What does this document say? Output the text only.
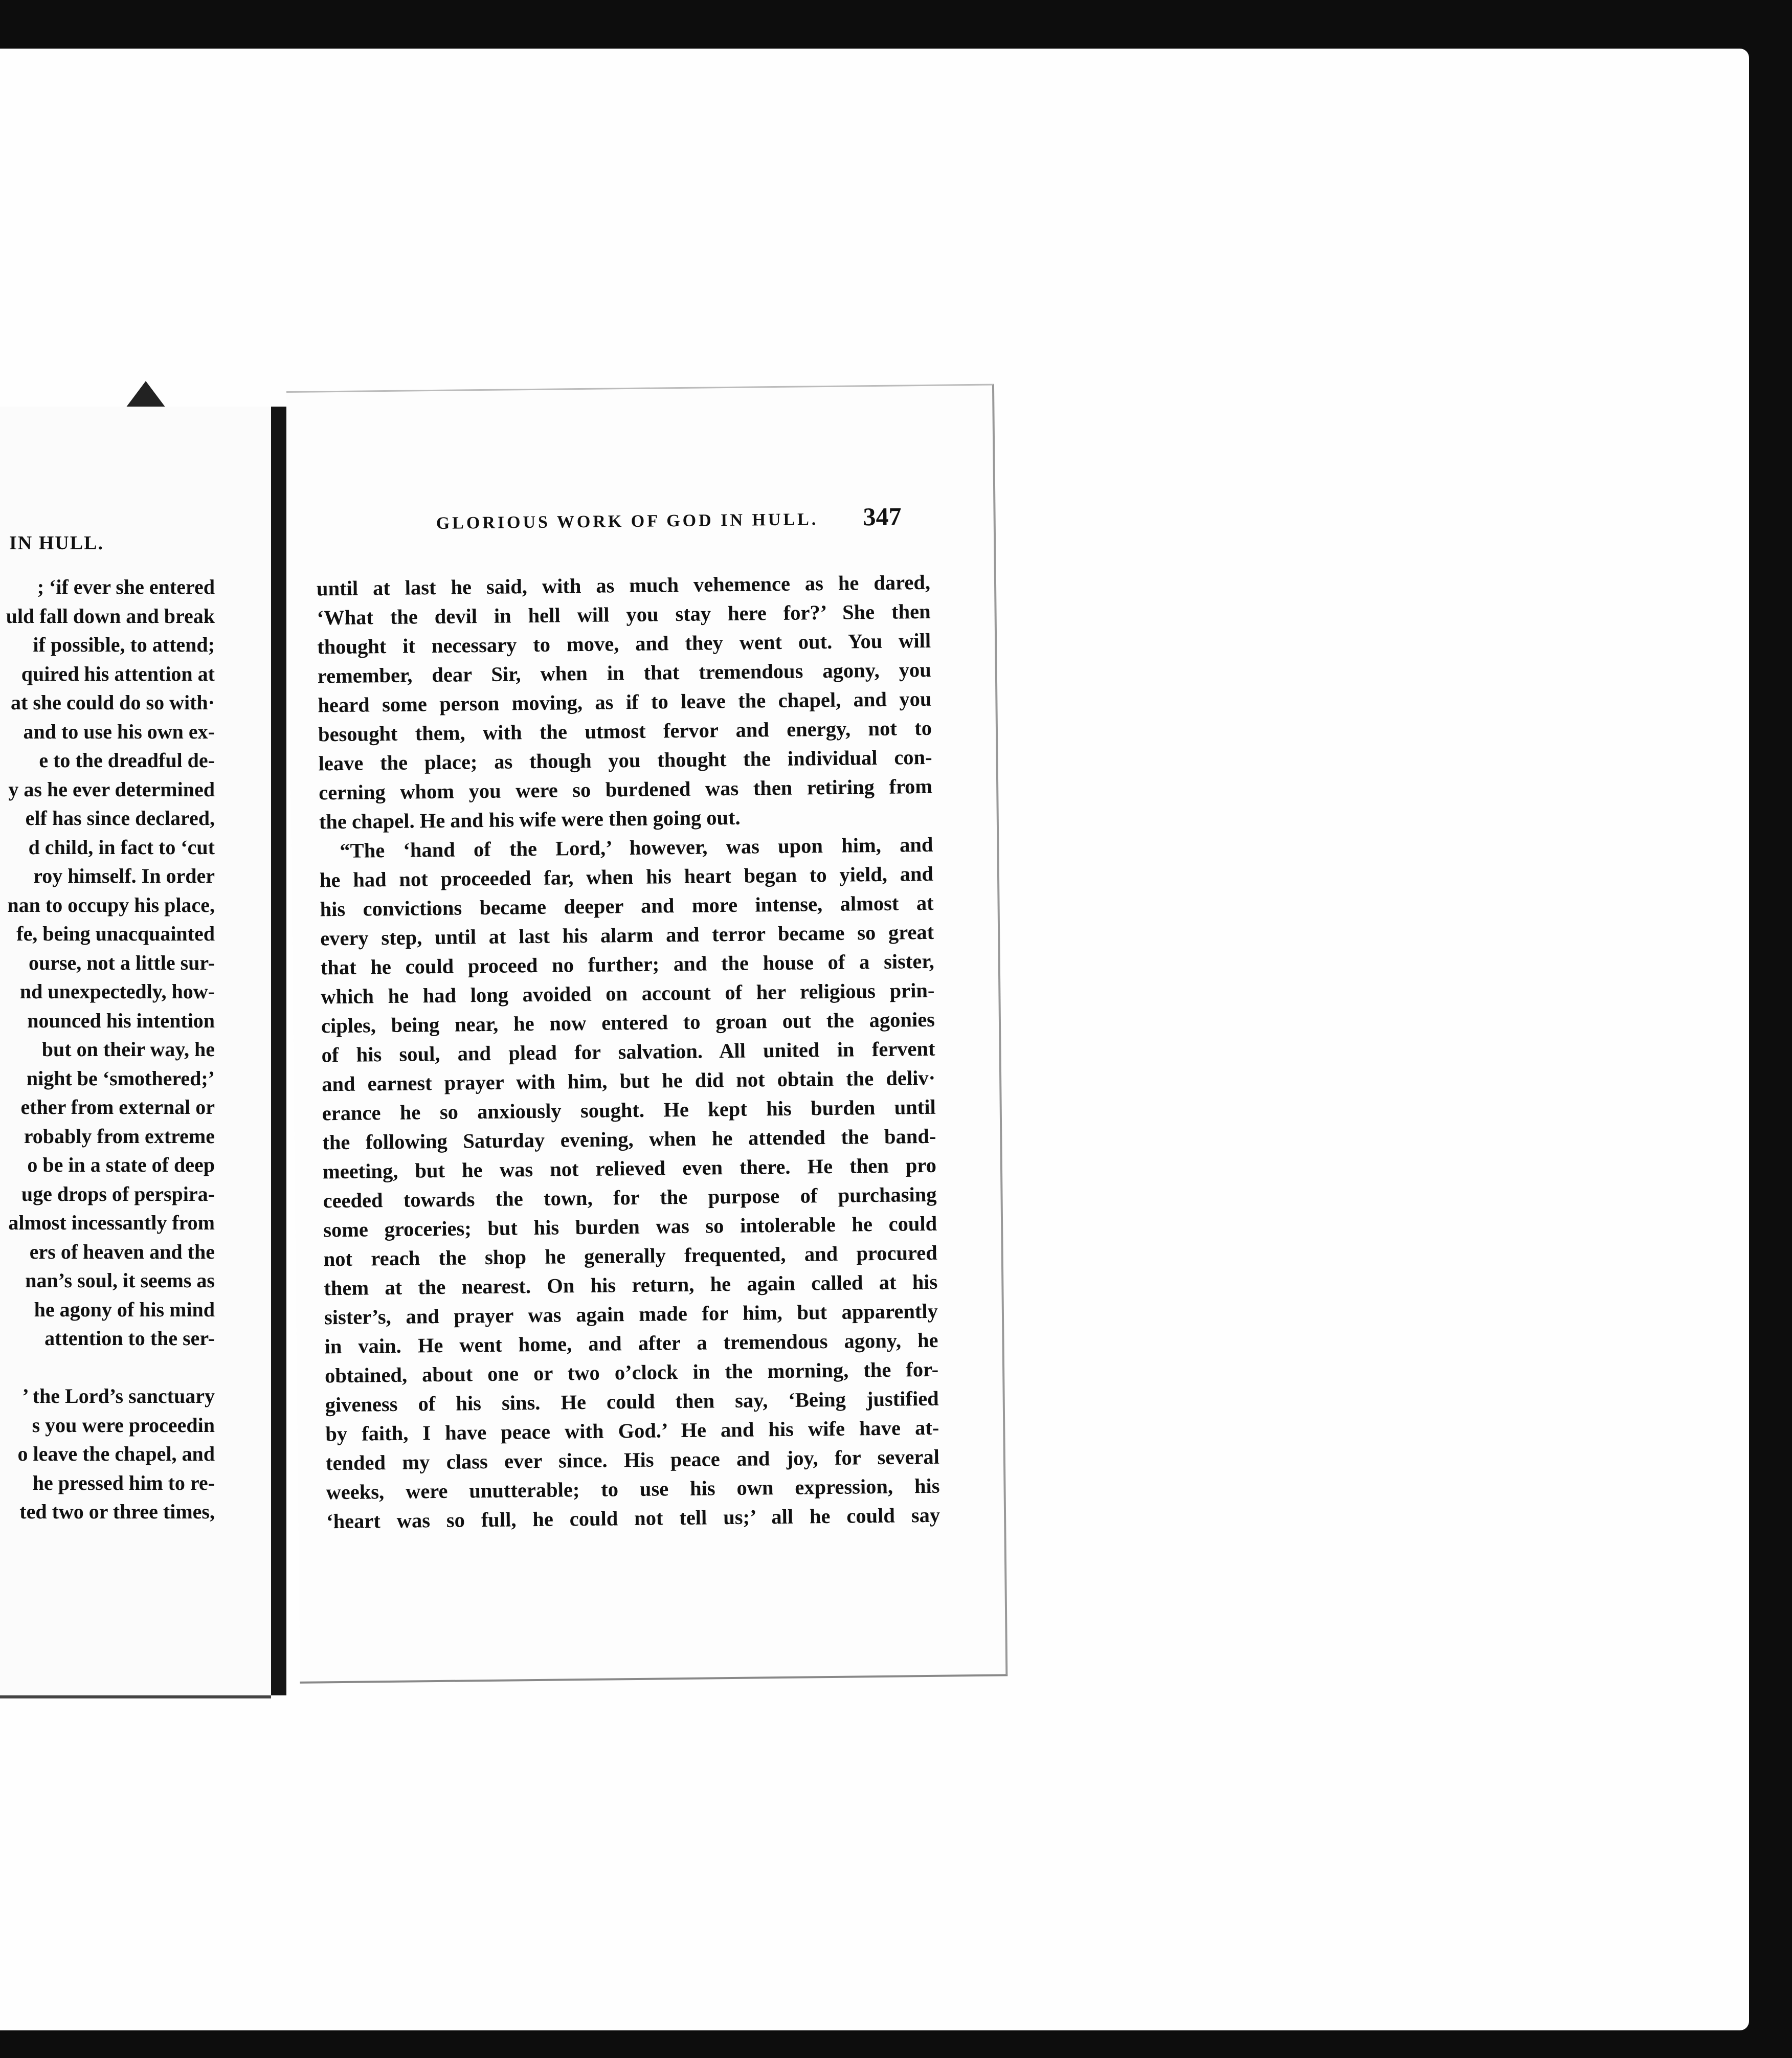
IN HULL.
; ‘if ever she entered
uld fall down and break
if possible, to attend;
quired his attention at
at she could do so with·
and to use his own ex-
e to the dreadful de-
y as he ever determined
elf has since declared,
d child, in fact to ‘cut
roy himself. In order
nan to occupy his place,
fe, being unacquainted
ourse, not a little sur-
nd unexpectedly, how-
nounced his intention
but on their way, he
night be ‘smothered;’
ether from external or
robably from extreme
o be in a state of deep
uge drops of perspira-
almost incessantly from
ers of heaven and the
nan’s soul, it seems as
he agony of his mind
attention to the ser-
’ the Lord’s sanctuary
s you were proceedin
o leave the chapel, and
he pressed him to re-
ted two or three times,
GLORIOUS WORK OF GOD IN HULL. 347
until at last he said, with as much vehemence as he dared,
‘What the devil in hell will you stay here for?’ She then
thought it necessary to move, and they went out. You will
remember, dear Sir, when in that tremendous agony, you
heard some person moving, as if to leave the chapel, and you
besought them, with the utmost fervor and energy, not to
leave the place; as though you thought the individual con-
cerning whom you were so burdened was then retiring from
the chapel. He and his wife were then going out.
“The ‘hand of the Lord,’ however, was upon him, and
he had not proceeded far, when his heart began to yield, and
his convictions became deeper and more intense, almost at
every step, until at last his alarm and terror became so great
that he could proceed no further; and the house of a sister,
which he had long avoided on account of her religious prin-
ciples, being near, he now entered to groan out the agonies
of his soul, and plead for salvation. All united in fervent
and earnest prayer with him, but he did not obtain the deliv·
erance he so anxiously sought. He kept his burden until
the following Saturday evening, when he attended the band-
meeting, but he was not relieved even there. He then pro
ceeded towards the town, for the purpose of purchasing
some groceries; but his burden was so intolerable he could
not reach the shop he generally frequented, and procured
them at the nearest. On his return, he again called at his
sister’s, and prayer was again made for him, but apparently
in vain. He went home, and after a tremendous agony, he
obtained, about one or two o’clock in the morning, the for-
giveness of his sins. He could then say, ‘Being justified
by faith, I have peace with God.’ He and his wife have at-
tended my class ever since. His peace and joy, for several
weeks, were unutterable; to use his own expression, his
‘heart was so full, he could not tell us;’ all he could say
